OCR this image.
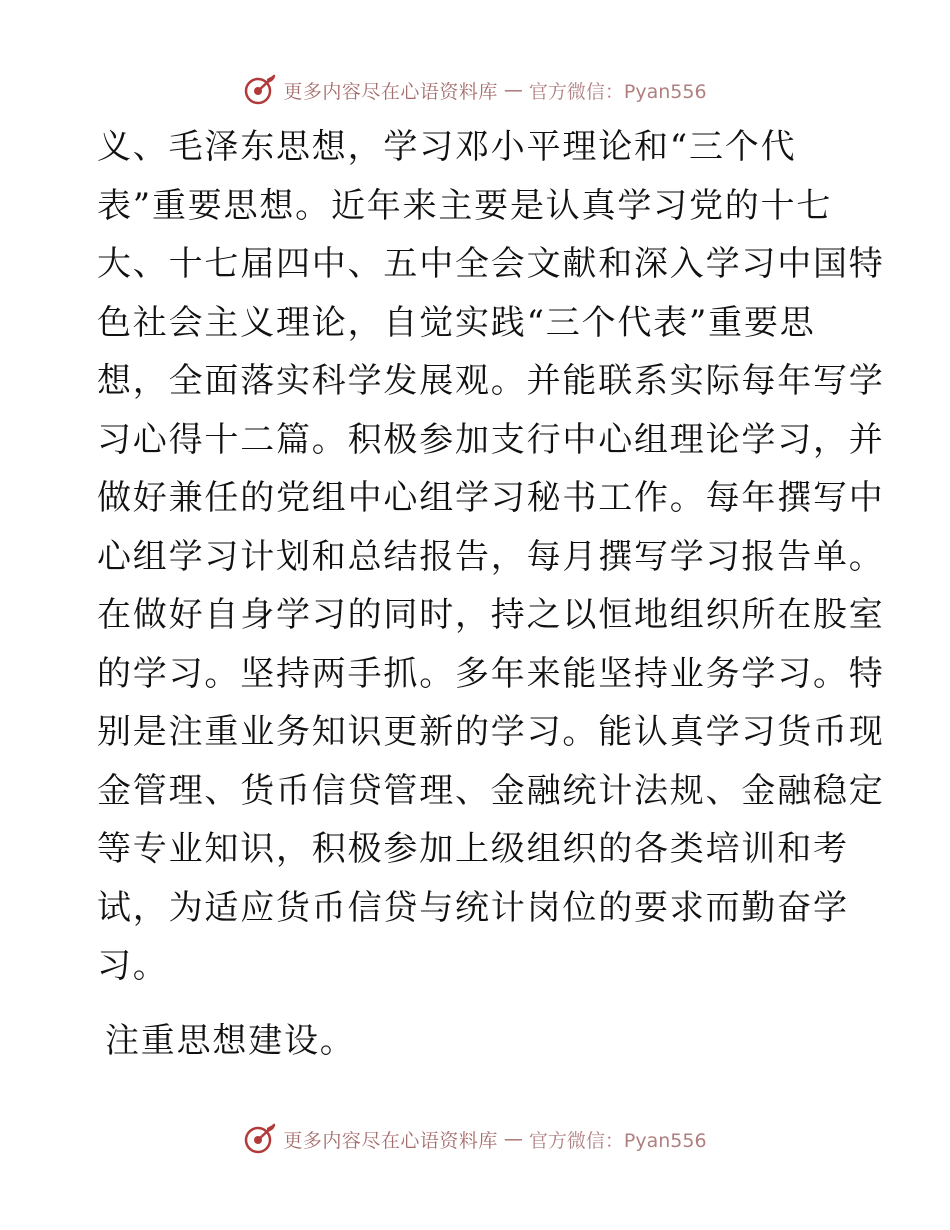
更多内容尽在心语资料库 — 官方微信：Pyan556
义、毛泽东思想，学习邓小平理论和“三个代
表”重要思想。近年来主要是认真学习党的十七
大、十七届四中、五中全会文献和深入学习中国特
色社会主义理论，自觉实践“三个代表”重要思
想，全面落实科学发展观。并能联系实际每年写学
习心得十二篇。积极参加支行中心组理论学习，并
做好兼任的党组中心组学习秘书工作。每年撰写中
心组学习计划和总结报告，每月撰写学习报告单。
在做好自身学习的同时，持之以恒地组织所在股室
的学习。坚持两手抓。多年来能坚持业务学习。特
别是注重业务知识更新的学习。能认真学习货币现
金管理、货币信贷管理、金融统计法规、金融稳定
等专业知识，积极参加上级组织的各类培训和考
试，为适应货币信贷与统计岗位的要求而勤奋学
习。
注重思想建设。
更多内容尽在心语资料库 — 官方微信：Pyan556
